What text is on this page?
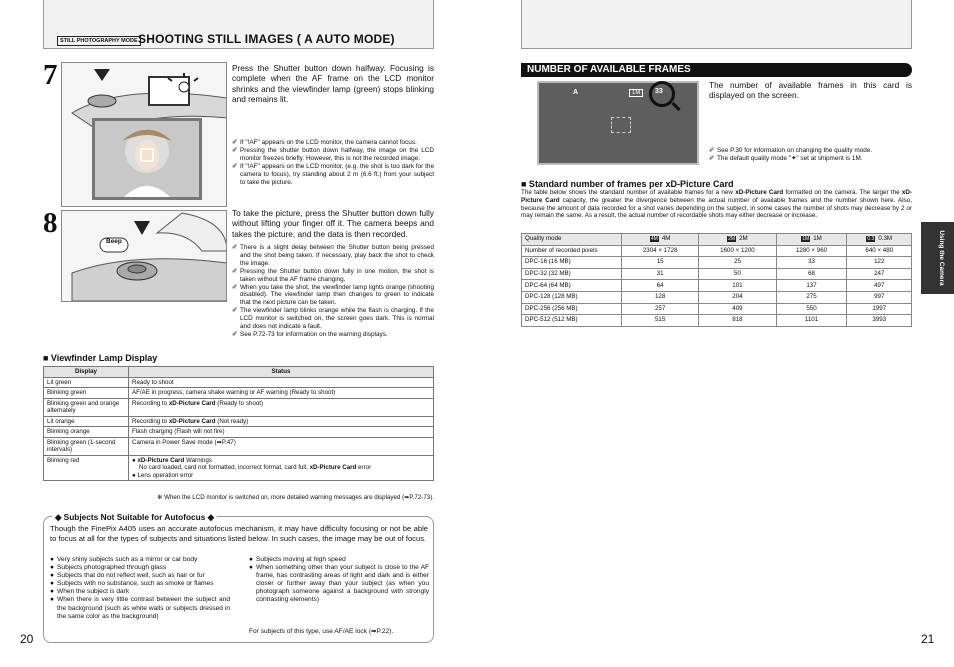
STILL PHOTOGRAPHY MODE SHOOTING STILL IMAGES ( A AUTO MODE)
7	Press the Shutter button down halfway. Focusing is complete when the AF frame on the LCD monitor shrinks and the viewfinder lamp (green) stops blinking and remains lit.

✐ If "!AF" appears on the LCD monitor, the camera cannot focus.

✐ Pressing the shutter button down halfway, the image on the LCD monitor freezes briefly. However, this is not the recorded image.

✐ If "!AF" appears on the LCD monitor, (e.g. the shot is too dark for the camera to focus), try standing about 2 m (6.6 ft.) from your subject to take the picture.

8
Beep
To take the picture, press the Shutter button down fully without lifting your finger off it. The camera beeps and takes the picture, and the data is then recorded.

✐ There is a slight delay between the Shutter button being pressed and the shot being taken. If necessary, play back the shot to check the image.

✐ Pressing the Shutter button down fully in one motion, the shot is taken without the AF frame changing.

✐ When you take the shot, the viewfinder lamp lights orange (shooting disabled). The viewfinder lamp then changes to green to indicate that the next picture can be taken.

✐ The viewfinder lamp blinks orange while the flash is charging. If the LCD monitor is switched on, the screen goes dark. This is normal and does not indicate a fault.

✐ See P.72-73 for information on the warning displays.

■ Viewfinder Lamp Display
Display	Status
Lit green	Ready to shoot
Blinking green	AF/AE in progress, camera shake warning or AF warning (Ready to shoot)
Blinking green and orange alternately	Recording to xD-Picture Card (Ready to shoot)
Lit orange	Recording to xD-Picture Card (Not ready)
Blinking orange	Flash charging (Flash will not fire)
Blinking green (1-second intervals)	Camera in Power Save mode (➡P.47)
Blinking red	● xD-Picture Card Warnings
No card loaded, card not formatted, incorrect format, card full, xD-Picture Card error
● Lens operation error
✻ When the LCD monitor is switched on, more detailed warning messages are displayed (➡P.72-73).
◆ Subjects Not Suitable for Autofocus ◆
Though the FinePix A405 uses an accurate autofocus mechanism, it may have difficulty focusing or not be able to focus at all for the types of subjects and situations listed below. In such cases, the image may be out of focus.

● Very shiny subjects such as a mirror or car body

● Subjects photographed through glass

● Subjects that do not reflect well, such as hair or fur

● Subjects with no substance, such as smoke or flames

● When the subject is dark

● When there is very little contrast between the subject and the background (such as white walls or subjects dressed in the same color as the background)

● Subjects moving at high speed

● When something other than your subject is close to the AF frame, has contrasting areas of light and dark and is either closer or further away than your subject (as when you photograph someone against a background with strongly contrasting elements)

For subjects of this type, use AF/AE lock (➡P.22).
20
NUMBER OF AVAILABLE FRAMES
A	1M	33
The number of available frames in this card is displayed on the screen.

✐ See P.30 for information on changing the quality mode.

✐ The default quality mode "✦" set at shipment is 1M.

■ Standard number of frames per xD-Picture Card
The table below shows the standard number of available frames for a new xD-Picture Card formatted on the camera. The larger the xD-Picture Card capacity, the greater the divergence between the actual number of available frames and the number shown here. Also, because the amount of data recorded for a shot varies depending on the subject, in some cases the number of shots may decrease by 2 or may remain the same. As a result, the actual number of recordable shots may either decrease or increase.
Quality mode	4M 4M	2M 2M	1M 1M	0.3 0.3M
Number of recorded pixels	2304 × 1728	1600 × 1200	1280 × 960	640 × 480
DPC-16 (16 MB)	15	25	33	122
DPC-32 (32 MB)	31	50	68	247
DPC-64 (64 MB)	64	101	137	497
DPC-128 (128 MB)	128	204	275	997
DPC-256 (256 MB)	257	409	550	1997
DPC-512 (512 MB)	515	818	1101	3993
Using the Camera
21
